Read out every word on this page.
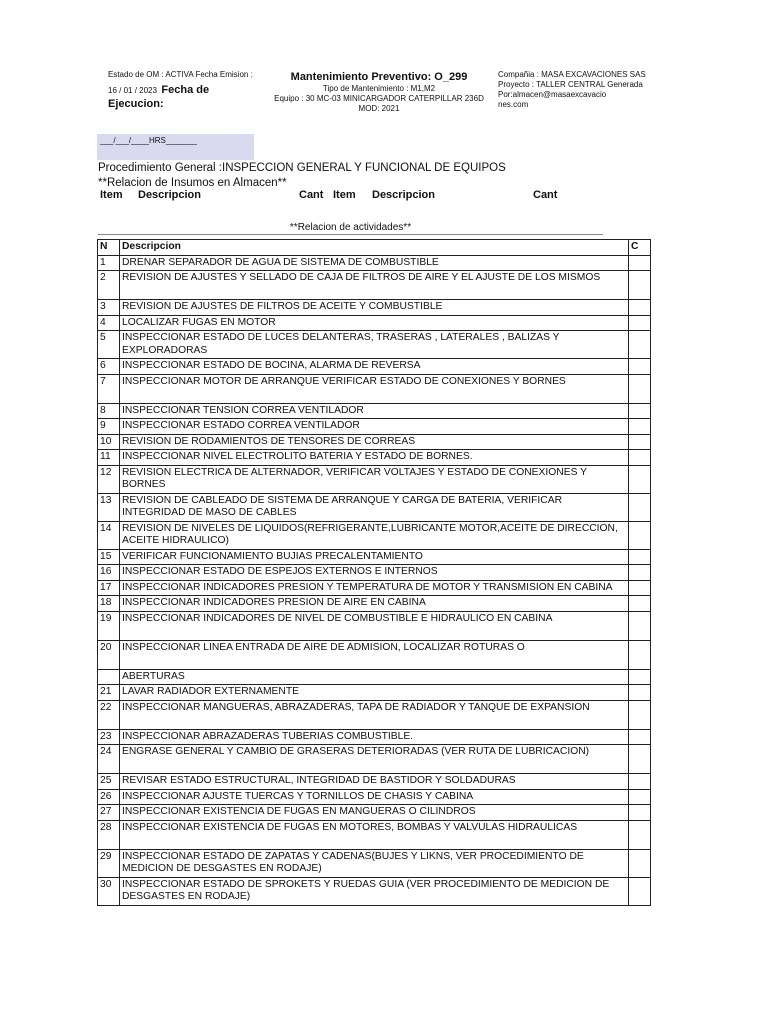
Estado de OM : ACTIVA Fecha Emision :
16 / 01 / 2023 Fecha de
Ejecucion:
Mantenimiento Preventivo: O_299
Tipo de Mantenimiento : M1,M2
Equipo : 30 MC-03 MINICARGADOR CATERPILLAR 236D
MOD: 2021
Compañia : MASA EXCAVACIONES SAS
Proyecto : TALLER CENTRAL Generada
Por:almacen@masaexcavacio
nes.com
___/___/____HRS_______
Procedimiento General :INSPECCION GENERAL Y FUNCIONAL DE EQUIPOS
**Relacion de Insumos en Almacen**
Item Descripcion	Cant Item Descripcion	Cant
**Relacion de actividades**
N	Descripcion	C
1	DRENAR SEPARADOR DE AGUA DE SISTEMA DE COMBUSTIBLE	
2	REVISION DE AJUSTES Y SELLADO DE CAJA DE FILTROS DE AIRE Y EL AJUSTE DE LOS MISMOS	
3	REVISION DE AJUSTES DE FILTROS DE ACEITE Y COMBUSTIBLE	
4	LOCALIZAR FUGAS EN MOTOR	
5	INSPECCIONAR ESTADO DE LUCES DELANTERAS, TRASERAS , LATERALES , BALIZAS Y EXPLORADORAS	
6	INSPECCIONAR ESTADO DE BOCINA, ALARMA DE REVERSA	
7	INSPECCIONAR MOTOR DE ARRANQUE VERIFICAR ESTADO DE CONEXIONES Y BORNES	
8	INSPECCIONAR TENSION CORREA VENTILADOR	
9	INSPECCIONAR ESTADO CORREA VENTILADOR	
10	REVISION DE RODAMIENTOS DE TENSORES DE CORREAS	
11	INSPECCIONAR NIVEL ELECTROLITO BATERIA Y ESTADO DE BORNES.	
12	REVISION ELECTRICA DE ALTERNADOR, VERIFICAR VOLTAJES Y ESTADO DE CONEXIONES Y BORNES	
13	REVISION DE CABLEADO DE SISTEMA DE ARRANQUE Y CARGA DE BATERIA, VERIFICAR INTEGRIDAD DE MASO DE CABLES	
14	REVISION DE NIVELES DE LIQUIDOS(REFRIGERANTE,LUBRICANTE MOTOR,ACEITE DE DIRECCION, ACEITE HIDRAULICO)	
15	VERIFICAR FUNCIONAMIENTO BUJIAS PRECALENTAMIENTO	
16	INSPECCIONAR ESTADO DE ESPEJOS EXTERNOS E INTERNOS	
17	INSPECCIONAR INDICADORES PRESION Y TEMPERATURA DE MOTOR Y TRANSMISION EN CABINA	
18	INSPECCIONAR INDICADORES PRESION DE AIRE EN CABINA	
19	INSPECCIONAR INDICADORES DE NIVEL DE COMBUSTIBLE E HIDRAULICO EN CABINA	
20	INSPECCIONAR LINEA ENTRADA DE AIRE DE ADMISION, LOCALIZAR ROTURAS O	
	ABERTURAS	
21	LAVAR RADIADOR EXTERNAMENTE	
22	INSPECCIONAR MANGUERAS, ABRAZADERAS, TAPA DE RADIADOR Y TANQUE DE EXPANSION	
23	INSPECCIONAR ABRAZADERAS TUBERIAS COMBUSTIBLE.	
24	ENGRASE GENERAL Y CAMBIO DE GRASERAS DETERIORADAS (VER RUTA DE LUBRICACION)	
25	REVISAR ESTADO ESTRUCTURAL, INTEGRIDAD DE BASTIDOR Y SOLDADURAS	
26	INSPECCIONAR AJUSTE TUERCAS Y TORNILLOS DE CHASIS Y CABINA	
27	INSPECCIONAR EXISTENCIA DE FUGAS EN MANGUERAS O CILINDROS	
28	INSPECCIONAR EXISTENCIA DE FUGAS EN MOTORES, BOMBAS Y VALVULAS HIDRAULICAS	
29	INSPECCIONAR ESTADO DE ZAPATAS Y CADENAS(BUJES Y LIKNS, VER PROCEDIMIENTO DE MEDICION DE DESGASTES EN RODAJE)	
30	INSPECCIONAR ESTADO DE SPROKETS Y RUEDAS GUIA (VER PROCEDIMIENTO DE MEDICION DE DESGASTES EN RODAJE)	
